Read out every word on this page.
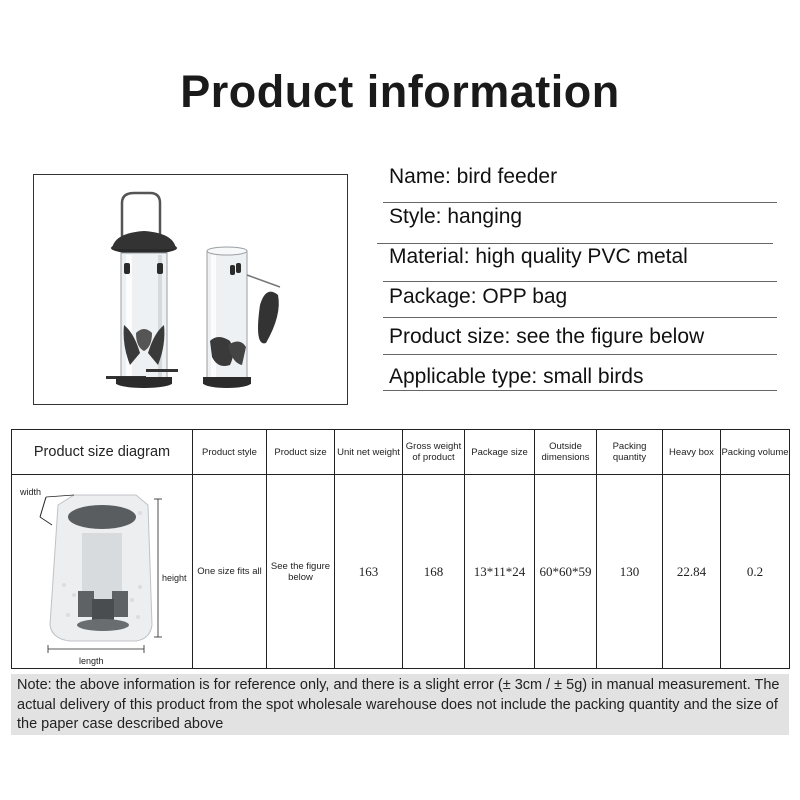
Product information
Name: bird feeder
Style: hanging
Material: high quality PVC metal
Package: OPP bag
Product size: see the figure below
Applicable type: small birds
Product size diagram	Product style	Product size	Unit net weight	Gross weight of product	Package size	Outside dimensions	Packing quantity	Heavy box	Packing volume

width
height
length	One size fits all	See the figure below	163	168	13*11*24	60*60*59	130	22.84	0.2
Note: the above information is for reference only, and there is a slight error (± 3cm / ± 5g) in manual measurement. The actual delivery of this product from the spot wholesale warehouse does not include the packing quantity and the size of the paper case described above
